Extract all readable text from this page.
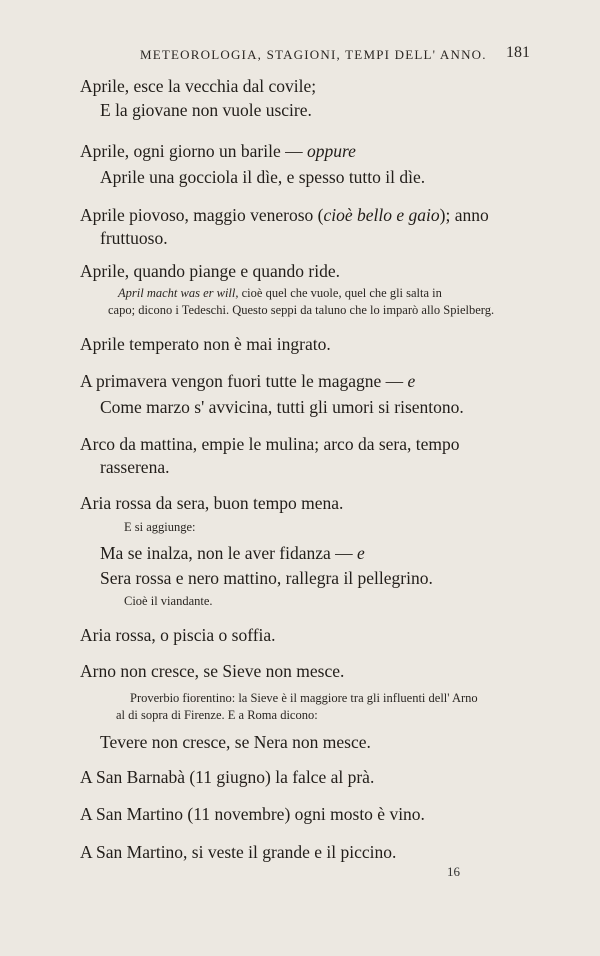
METEOROLOGIA, STAGIONI, TEMPI DELL' ANNO. 181
Aprile, esce la vecchia dal covile;
E la giovane non vuole uscire.
Aprile, ogni giorno un barile — oppure
Aprile una gocciola il dìe, e spesso tutto il dìe.
Aprile piovoso, maggio veneroso (cioè bello e gaio); anno
fruttuoso.
Aprile, quando piange e quando ride.
April macht was er will, cioè quel che vuole, quel che gli salta in
capo; dicono i Tedeschi. Questo seppi da taluno che lo imparò allo Spielberg.
Aprile temperato non è mai ingrato.
A primavera vengon fuori tutte le magagne — e
Come marzo s' avvicina, tutti gli umori si risentono.
Arco da mattina, empie le mulina; arco da sera, tempo
rasserena.
Aria rossa da sera, buon tempo mena.
E si aggiunge:
Ma se inalza, non le aver fidanza — e
Sera rossa e nero mattino, rallegra il pellegrino.
Cioè il viandante.
Aria rossa, o piscia o soffia.
Arno non cresce, se Sieve non mesce.
Proverbio fiorentino: la Sieve è il maggiore tra gli influenti dell' Arno
al di sopra di Firenze. E a Roma dicono:
Tevere non cresce, se Nera non mesce.
A San Barnabà (11 giugno) la falce al prà.
A San Martino (11 novembre) ogni mosto è vino.
A San Martino, si veste il grande e il piccino.
16
